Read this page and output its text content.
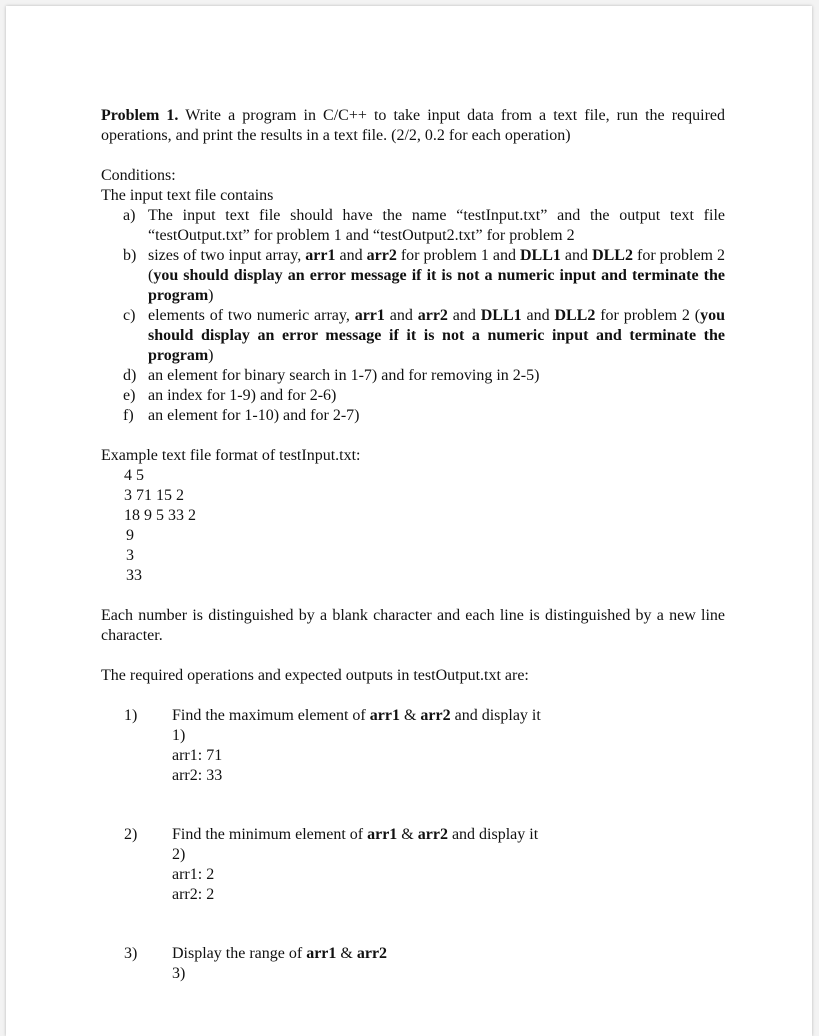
Problem 1. Write a program in C/C++ to take input data from a text file, run the required operations, and print the results in a text file. (2/2, 0.2 for each operation)

Conditions:

The input text file contains

a) The input text file should have the name “testInput.txt” and the output text file “testOutput.txt” for problem 1 and “testOutput2.txt” for problem 2
b) sizes of two input array, arr1 and arr2 for problem 1 and DLL1 and DLL2 for problem 2 (you should display an error message if it is not a numeric input and terminate the program)
c) elements of two numeric array, arr1 and arr2 and DLL1 and DLL2 for problem 2 (you should display an error message if it is not a numeric input and terminate the program)
d) an element for binary search in 1-7) and for removing in 2-5)
e) an index for 1-9) and for 2-6)
f) an element for 1-10) and for 2-7)

Example text file format of testInput.txt:

4 5
3 71 15 2
18 9 5 33 2
9
3
33

Each number is distinguished by a blank character and each line is distinguished by a new line character.

The required operations and expected outputs in testOutput.txt are:

1) Find the maximum element of arr1 & arr2 and display it
1)
arr1: 71
arr2: 33
2) Find the minimum element of arr1 & arr2 and display it
2)
arr1: 2
arr2: 2
3) Display the range of arr1 & arr2
3)
